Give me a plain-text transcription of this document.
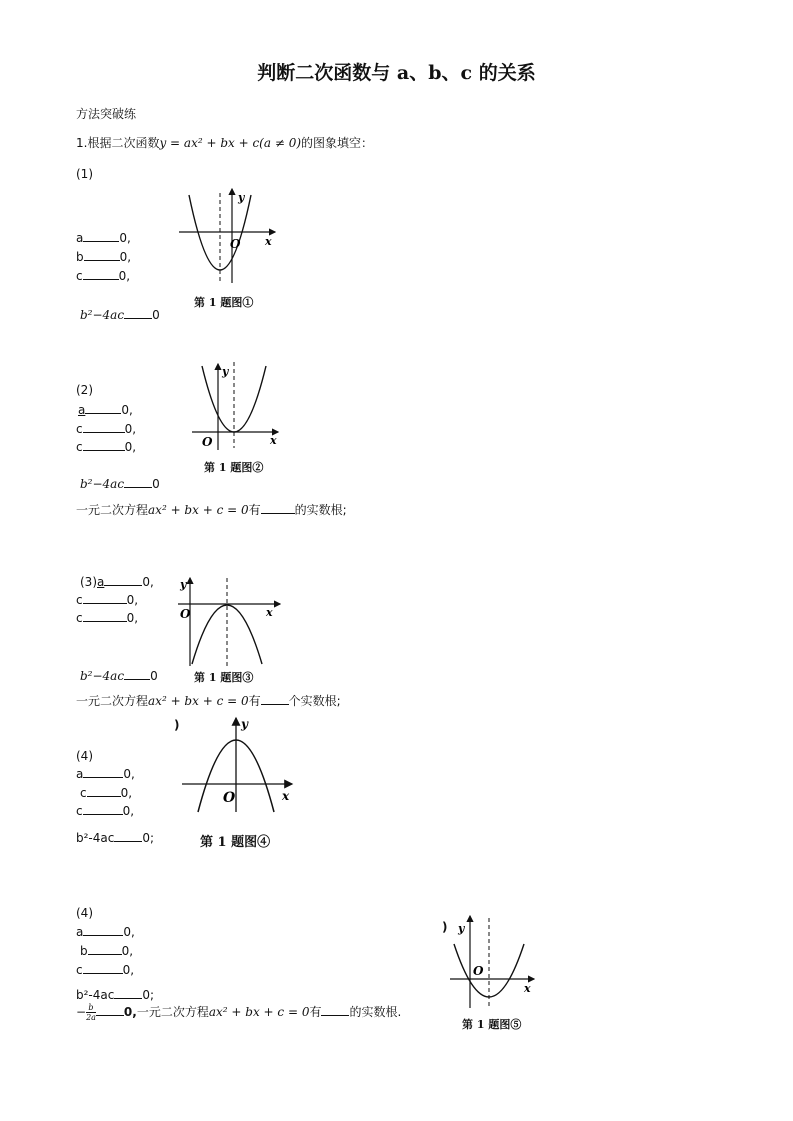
判断二次函数与 a、b、c 的关系
方法突破练
1.根据二次函数y = ax² + bx + c(a ≠ 0)的图象填空：
(1)
a	0,
b	0,
c	0,
b²−4ac 0
y
x
O
第 1 题图①
(2)
a	0,
c	0,
c	0,
b²−4ac 0
一元二次方程ax² + bx + c = 0有	的实数根;
y
x
O
第 1 题图②
(3)a	0,
c	0,
c	0,
b²−4ac 0
一元二次方程ax² + bx + c = 0有 个实数根;
y
x
O
第 1 题图③
)
(4)
a	0,
c	0,
c	0,
b²-4ac 0;
y
x
O
第 1 题图④
(4)
a	0,
b	0,
c	0,
b²-4ac 0;
− $\frac{b}{2a} 0$,一元二次方程ax² + bx + c = 0有 的实数根.
) y
x
O
第 1 题图⑤
